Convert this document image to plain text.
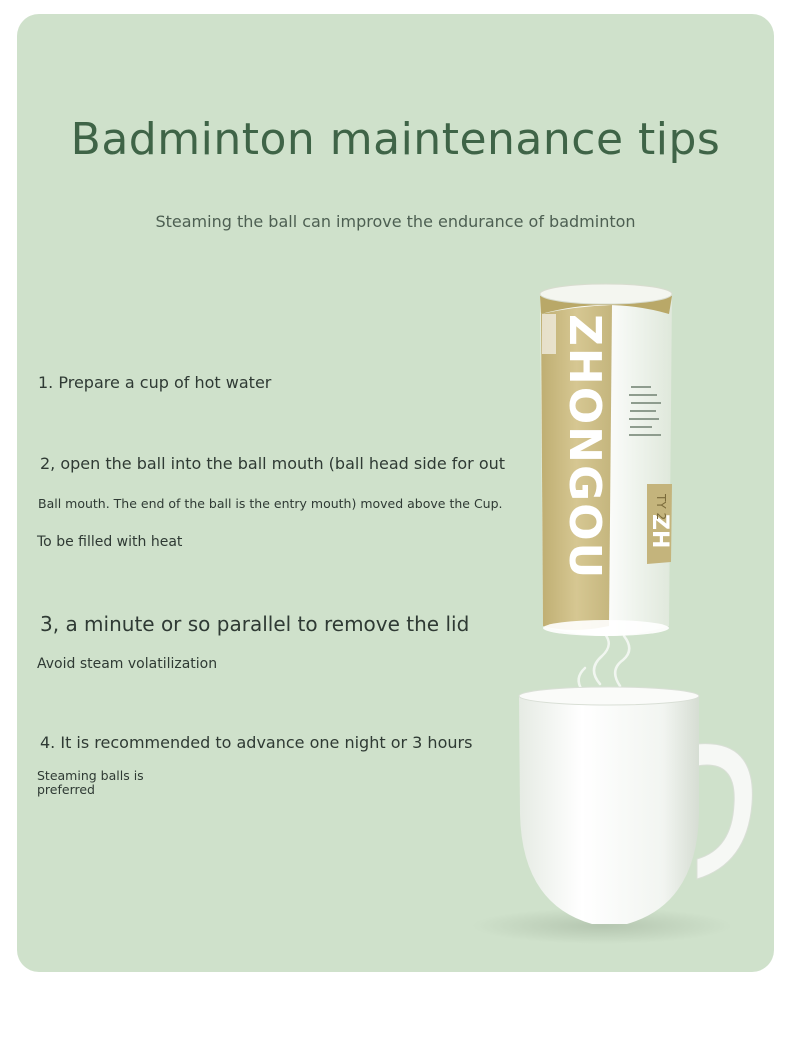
Badminton maintenance tips

Steaming the ball can improve the endurance of badminton

1. Prepare a cup of hot water

2, open the ball into the ball mouth (ball head side for out

Ball mouth. The end of the ball is the entry mouth) moved above the Cup.

To be filled with heat

3, a minute or so parallel to remove the lid

Avoid steam volatilization

4. It is recommended to advance one night or 3 hours

Steaming balls is preferred

ZHONGOU ZH
TY 2
